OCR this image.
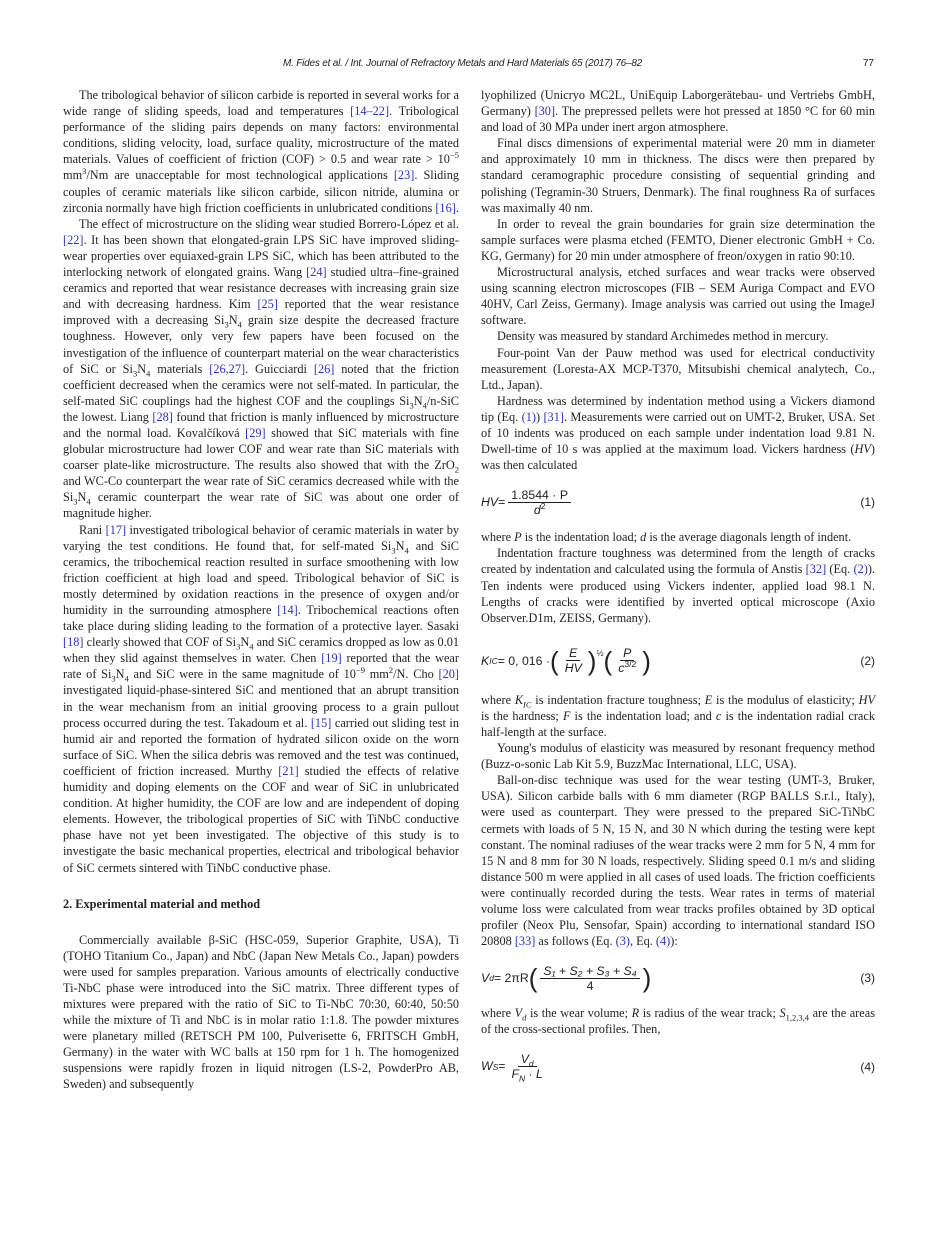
M. Fides et al. / Int. Journal of Refractory Metals and Hard Materials 65 (2017) 76–82	77

The tribological behavior of silicon carbide is reported in several works for a wide range of sliding speeds, load and temperatures [14–22]. Tribological performance of the sliding pairs depends on many factors: environmental conditions, sliding velocity, load, surface quality, microstructure of the mated materials. Values of coefficient of friction (COF) > 0.5 and wear rate > $10^{-5}$ $mm^3/Nm$ are unacceptable for most technological applications [23]. Sliding couples of ceramic materials like silicon carbide, silicon nitride, alumina or zirconia normally have high friction coefficients in unlubricated conditions [16].

The effect of microstructure on the sliding wear studied Borrero-López et al. [22]. It has been shown that elongated-grain LPS SiC have improved sliding-wear properties over equiaxed-grain LPS SiC, which has been attributed to the interlocking network of elongated grains. Wang [24] studied ultra–fine-grained ceramics and reported that wear resistance decreases with increasing grain size and with decreasing hardness. Kim [25] reported that the wear resistance improved with a decreasing $Si_3N_4$ grain size despite the decreased fracture toughness. However, only very few papers have been focused on the investigation of the influence of counterpart material on the wear characteristics of SiC or $Si_3N_4$ materials [26,27]. Guicciardi [26] noted that the friction coefficient decreased when the ceramics were not self-mated. In particular, the self-mated SiC couplings had the highest COF and the couplings $Si_3N_4/n$-SiC the lowest. Liang [28] found that friction is manly influenced by microstructure and the normal load. Kovalčíková [29] showed that SiC materials with fine globular microstructure had lower COF and wear rate than SiC materials with coarser plate-like microstructure. The results also showed that with the ZrO$_2$ and WC-Co counterpart the wear rate of SiC ceramics decreased while with the $Si_3N_4$ ceramic counterpart the wear rate of SiC was about one order of magnitude higher.

Rani [17] investigated tribological behavior of ceramic materials in water by varying the test conditions. He found that, for self-mated $Si_3N_4$ and SiC ceramics, the tribochemical reaction resulted in surface smoothening with low friction coefficient at high load and speed. Tribological behavior of SiC is mostly determined by oxidation reactions in the presence of oxygen and/or humidity in the surrounding atmosphere [14]. Tribochemical reactions often take place during sliding leading to the formation of a protective layer. Sasaki [18] clearly showed that COF of $Si_3N_4$ and SiC ceramics dropped as low as 0.01 when they slid against themselves in water. Chen [19] reported that the wear rate of $Si_3N_4$ and SiC were in the same magnitude of $10^{-9}$ $mm^2/N$. Cho [20] investigated liquid-phase-sintered SiC and mentioned that an abrupt transition in the wear mechanism from an initial grooving process to a grain pullout process occurred during the test. Takadoum et al. [15] carried out sliding test in humid air and reported the formation of hydrated silicon oxide on the worn surface of SiC. When the silica debris was removed and the test was continued, coefficient of friction increased. Murthy [21] studied the effects of relative humidity and doping elements on the COF and wear of SiC in unlubricated condition. At higher humidity, the COF are low and are independent of doping elements. However, the tribological properties of SiC with TiNbC conductive phase have not yet been investigated. The objective of this study is to investigate the basic mechanical properties, electrical and tribological behavior of SiC cermets sintered with TiNbC conductive phase.

2. Experimental material and method

Commercially available β-SiC (HSC-059, Superior Graphite, USA), Ti (TOHO Titanium Co., Japan) and NbC (Japan New Metals Co., Japan) powders were used for samples preparation. Various amounts of electrically conductive Ti-NbC phase were introduced into the SiC matrix. Three different types of mixtures were prepared with the ratio of SiC to Ti-NbC 70:30, 60:40, 50:50 while the mixture of Ti and NbC is in molar ratio 1:1.8. The powder mixtures were planetary milled (RETSCH PM 100, Pulverisette 6, FRITSCH GmbH, Germany) in the water with WC balls at 150 rpm for 1 h. The homogenized suspensions were rapidly frozen in liquid nitrogen (LS-2, PowderPro AB, Sweden) and subsequently

lyophilized (Unicryo MC2L, UniEquip Laborgerätebau- und Vertriebs GmbH, Germany) [30]. The prepressed pellets were hot pressed at 1850 °C for 60 min and load of 30 MPa under inert argon atmosphere.

Final discs dimensions of experimental material were 20 mm in diameter and approximately 10 mm in thickness. The discs were then prepared by standard ceramographic procedure consisting of sequential grinding and polishing (Tegramin-30 Struers, Denmark). The final roughness Ra of surfaces was maximally 40 nm.

In order to reveal the grain boundaries for grain size determination the sample surfaces were plasma etched (FEMTO, Diener electronic GmbH + Co. KG, Germany) for 20 min under atmosphere of freon/oxygen in ratio 90:10.

Microstructural analysis, etched surfaces and wear tracks were observed using scanning electron microscopes (FIB – SEM Auriga Compact and EVO 40HV, Carl Zeiss, Germany). Image analysis was carried out using the ImageJ software.

Density was measured by standard Archimedes method in mercury.

Four-point Van der Pauw method was used for electrical conductivity measurement (Loresta-AX MCP-T370, Mitsubishi chemical analytech, Co., Ltd., Japan).

Hardness was determined by indentation method using a Vickers diamond tip (Eq. (1)) [31]. Measurements were carried out on UMT-2, Bruker, USA. Set of 10 indents was produced on each sample under indentation load 9.81 N. Dwell-time of 10 s was applied at the maximum load. Vickers hardness (HV) was then calculated

HV = $\frac{1.8544 \cdot P}{d^2}$	(1)

where P is the indentation load; d is the average diagonals length of indent.

Indentation fracture toughness was determined from the length of cracks created by indentation and calculated using the formula of Anstis [32] (Eq. (2)). Ten indents were produced using Vickers indenter, applied load 98.1 N. Lengths of cracks were identified by inverted optical microscope (Axio Observer.D1m, ZEISS, Germany).

K IC = 0, 016 · ( $\frac{E}{HV} )^{\frac{1}{2}}$ ( $\frac{P}{c^{3/2}}$ )	(2)

where $K_{IC}$ is indentation fracture toughness; E is the modulus of elasticity; HV is the hardness; F is the indentation load; and c is the indentation radial crack half-length at the surface.

Young's modulus of elasticity was measured by resonant frequency method (Buzz-o-sonic Lab Kit 5.9, BuzzMac International, LLC, USA).

Ball-on-disc technique was used for the wear testing (UMT-3, Bruker, USA). Silicon carbide balls with 6 mm diameter (RGP BALLS S.r.l., Italy), were used as counterpart. They were pressed to the prepared SiC-TiNbC cermets with loads of 5 N, 15 N, and 30 N which during the testing were kept constant. The nominal radiuses of the wear tracks were 2 mm for 5 N, 4 mm for 15 N and 8 mm for 30 N loads, respectively. Sliding speed 0.1 m/s and sliding distance 500 m were applied in all cases of used loads. The friction coefficients were continually recorded during the tests. Wear rates in terms of material volume loss were calculated from wear tracks profiles obtained by 3D optical profiler (Neox Plu, Sensofar, Spain) according to international standard ISO 20808 [33] as follows (Eq. (3), Eq. (4)):

V d = 2πR ( $\frac{\text{S₁ + S₂ + S₃ + S₄}}{4}$ )	(3)

where $V_d$ is the wear volume; R is radius of the wear track; $S_{1,2,3,4}$ are the areas of the cross-sectional profiles. Then,

W $S = \frac{V_d}{F_N \cdot L}$	(4)
